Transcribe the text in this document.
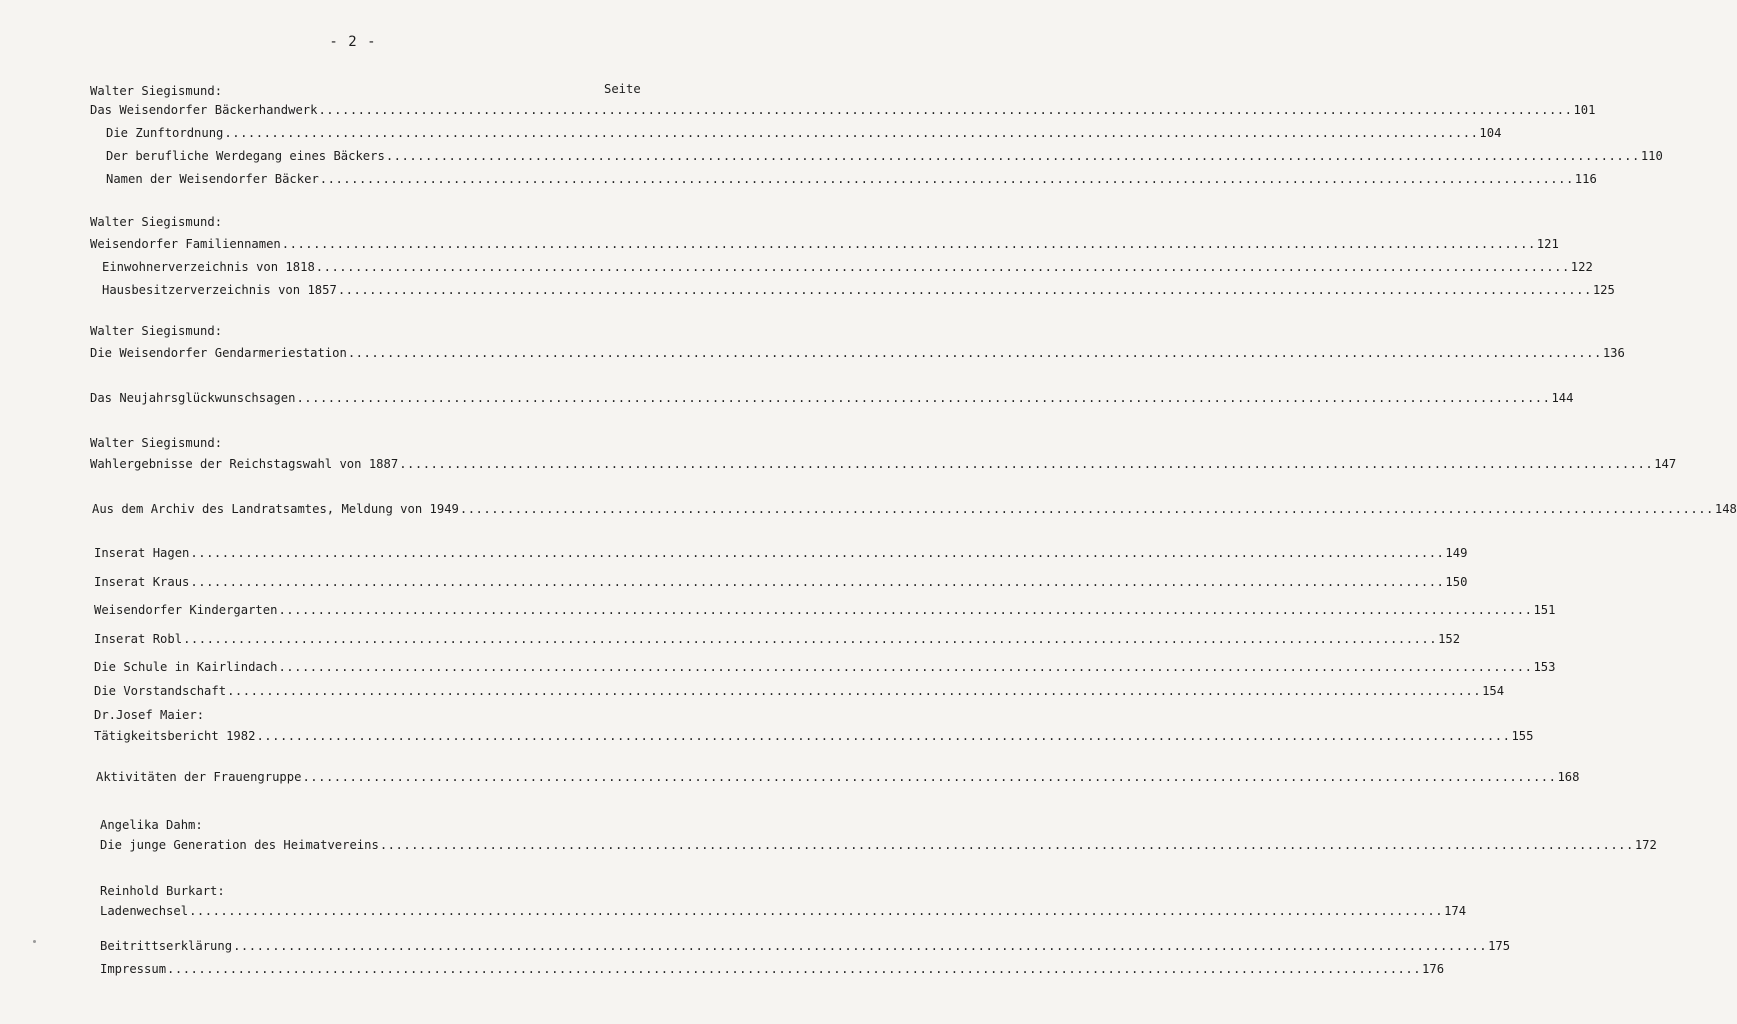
- 2 -
Walter Siegismund:	Seite
Das Weisendorfer Bäckerhandwerk ................................................................................................................................................................ 101
Die Zunftordnung ................................................................................................................................................................ 104
Der berufliche Werdegang eines Bäckers ................................................................................................................................................................ 110
Namen der Weisendorfer Bäcker ................................................................................................................................................................ 116
Walter Siegismund:
Weisendorfer Familiennamen ................................................................................................................................................................ 121
Einwohnerverzeichnis von 1818 ................................................................................................................................................................ 122
Hausbesitzerverzeichnis von 1857 ................................................................................................................................................................ 125
Walter Siegismund:
Die Weisendorfer Gendarmeriestation ................................................................................................................................................................ 136
Das Neujahrsglückwunschsagen ................................................................................................................................................................ 144
Walter Siegismund:
Wahlergebnisse der Reichstagswahl von 1887 ................................................................................................................................................................ 147
Aus dem Archiv des Landratsamtes, Meldung von 1949 ................................................................................................................................................................ 148
Inserat Hagen ................................................................................................................................................................ 149
Inserat Kraus ................................................................................................................................................................ 150
Weisendorfer Kindergarten ................................................................................................................................................................ 151
Inserat Robl ................................................................................................................................................................ 152
Die Schule in Kairlindach ................................................................................................................................................................ 153
Die Vorstandschaft ................................................................................................................................................................ 154
Dr.Josef Maier:
Tätigkeitsbericht 1982 ................................................................................................................................................................ 155
Aktivitäten der Frauengruppe ................................................................................................................................................................ 168
Angelika Dahm:
Die junge Generation des Heimatvereins ................................................................................................................................................................ 172
Reinhold Burkart:
Ladenwechsel ................................................................................................................................................................ 174
Beitrittserklärung ................................................................................................................................................................ 175
Impressum ................................................................................................................................................................ 176
